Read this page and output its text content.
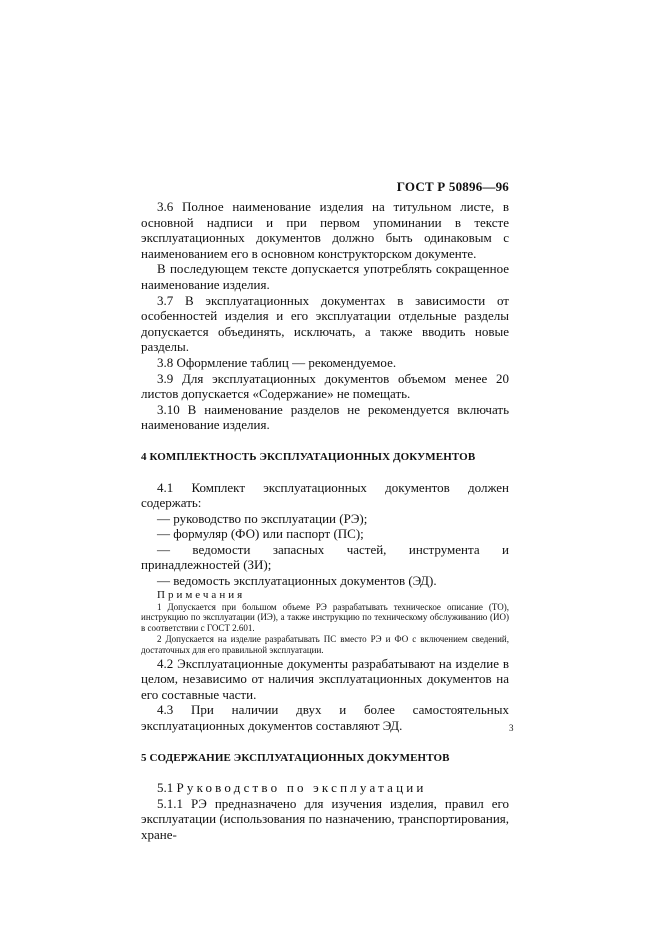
ГОСТ Р 50896—96

3.6 Полное наименование изделия на титульном листе, в основной надписи и при первом упоминании в тексте эксплуатационных документов должно быть одинаковым с наименованием его в основном конструкторском документе.

В последующем тексте допускается употреблять сокращенное наименование изделия.

3.7 В эксплуатационных документах в зависимости от особенностей изделия и его эксплуатации отдельные разделы допускается объединять, исключать, а также вводить новые разделы.

3.8 Оформление таблиц — рекомендуемое.

3.9 Для эксплуатационных документов объемом менее 20 листов допускается «Содержание» не помещать.

3.10 В наименование разделов не рекомендуется включать наименование изделия.

4 КОМПЛЕКТНОСТЬ ЭКСПЛУАТАЦИОННЫХ ДОКУМЕНТОВ

4.1 Комплект эксплуатационных документов должен содержать:

— руководство по эксплуатации (РЭ);

— формуляр (ФО) или паспорт (ПС);

— ведомости запасных частей, инструмента и принадлежностей (ЗИ);

— ведомость эксплуатационных документов (ЭД).

Примечания

1 Допускается при большом объеме РЭ разрабатывать техническое описание (ТО), инструкцию по эксплуатации (ИЭ), а также инструкцию по техническому обслуживанию (ИО) в соответствии с ГОСТ 2.601.

2 Допускается на изделие разрабатывать ПС вместо РЭ и ФО с включением сведений, достаточных для его правильной эксплуатации.

4.2 Эксплуатационные документы разрабатывают на изделие в целом, независимо от наличия эксплуатационных документов на его составные части.

4.3 При наличии двух и более самостоятельных эксплуатационных документов составляют ЭД.

5 СОДЕРЖАНИЕ ЭКСПЛУАТАЦИОННЫХ ДОКУМЕНТОВ

5.1 Руководство по эксплуатации

5.1.1 РЭ предназначено для изучения изделия, правил его эксплуатации (использования по назначению, транспортирования, хране-

3
